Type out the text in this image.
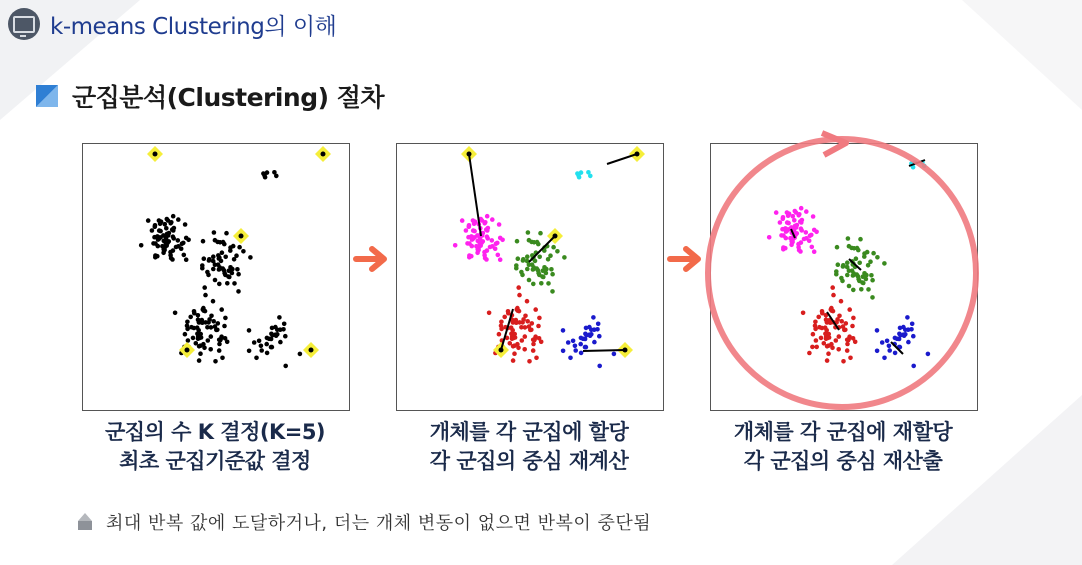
k-means Clustering의 이해
군집분석(Clustering) 절차
군집의 수 K 결정(K=5)
최초 군집기준값 결정
개체를 각 군집에 할당
각 군집의 중심 재계산
개체를 각 군집에 재할당
각 군집의 중심 재산출
최대 반복 값에 도달하거나, 더는 개체 변동이 없으면 반복이 중단됨
